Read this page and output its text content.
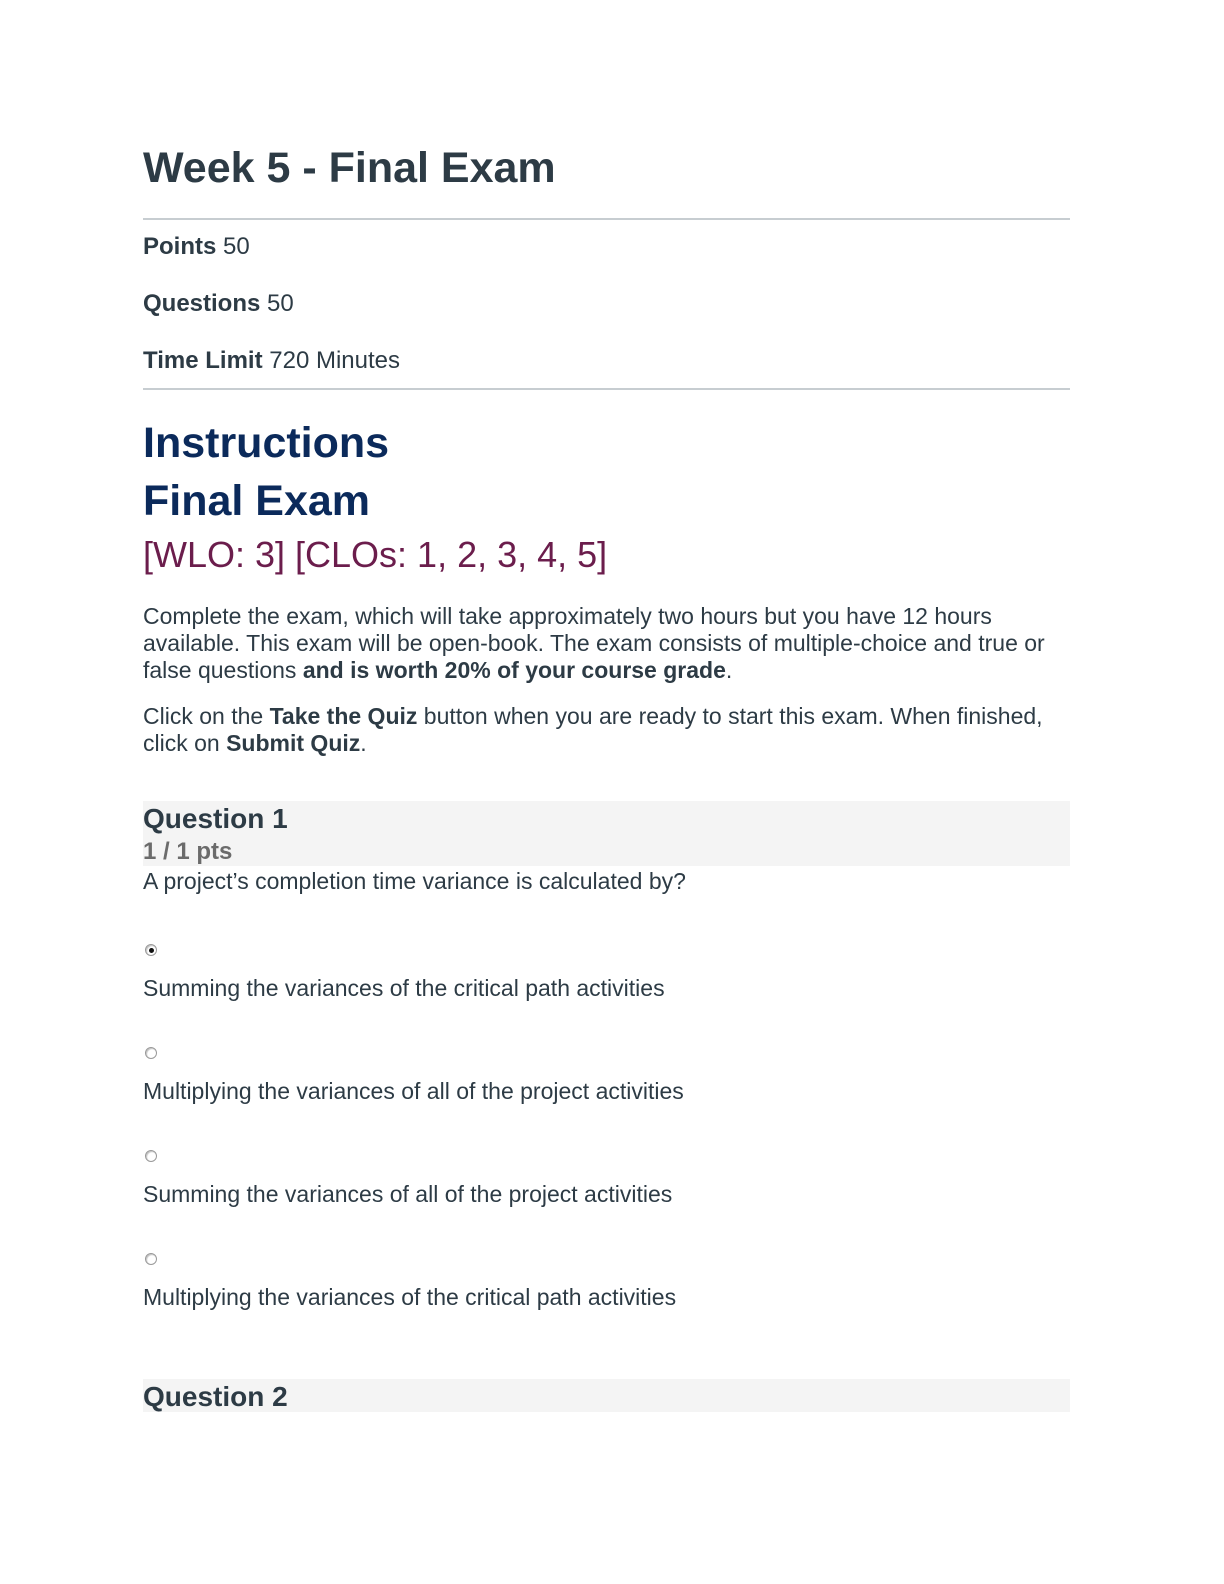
Week 5 - Final Exam
Points 50
Questions 50
Time Limit 720 Minutes
Instructions
Final Exam
[WLO: 3] [CLOs: 1, 2, 3, 4, 5]

Complete the exam, which will take approximately two hours but you have 12 hours available. This exam will be open-book. The exam consists of multiple-choice and true or false questions and is worth 20% of your course grade.

Click on the Take the Quiz button when you are ready to start this exam. When finished, click on Submit Quiz.

Question 1
1 / 1 pts
A project’s completion time variance is calculated by?
Summing the variances of the critical path activities
Multiplying the variances of all of the project activities
Summing the variances of all of the project activities
Multiplying the variances of the critical path activities
Question 2
